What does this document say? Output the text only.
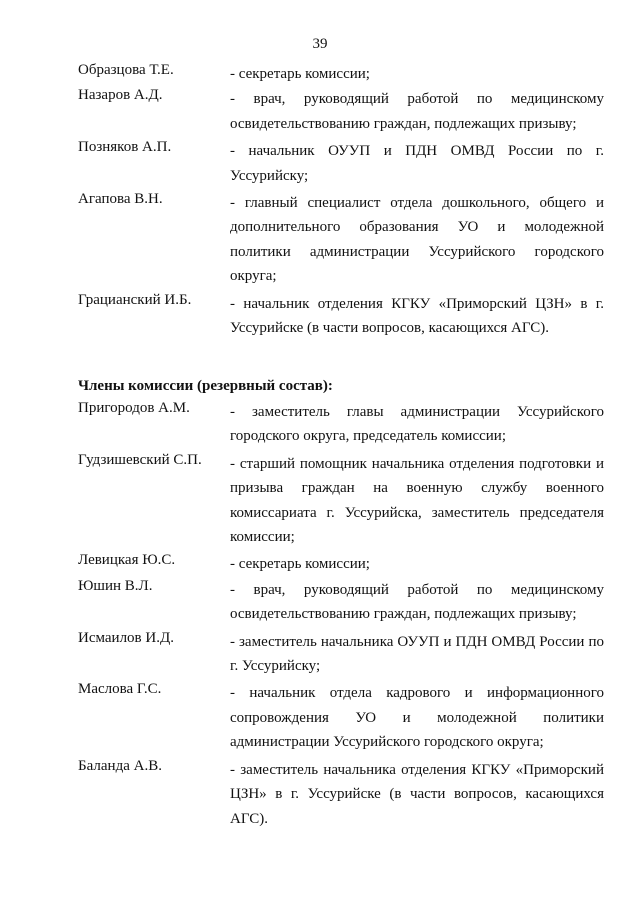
39
Образцова Т.Е.	- секретарь комиссии;
Назаров А.Д.	- врач, руководящий работой по медицинскому освидетельствованию граждан, подлежащих призыву;
Позняков А.П.	- начальник ОУУП и ПДН ОМВД России по г. Уссурийску;
Агапова В.Н.	- главный специалист отдела дошкольного, общего и дополнительного образования УО и молодежной политики администрации Уссурийского городского округа;
Грацианский И.Б.	- начальник отделения КГКУ «Приморский ЦЗН» в г. Уссурийске (в части вопросов, касающихся АГС).
Члены комиссии (резервный состав):
Пригородов А.М.	- заместитель главы администрации Уссурийского городского округа, председатель комиссии;
Гудзишевский С.П. - старший помощник начальника отделения подготовки и призыва граждан на военную службу военного комиссариата г. Уссурийска, заместитель председателя комиссии;
Левицкая Ю.С.	- секретарь комиссии;
Юшин В.Л.	- врач, руководящий работой по медицинскому освидетельствованию граждан, подлежащих призыву;
Исмаилов И.Д.	- заместитель начальника ОУУП и ПДН ОМВД России по г. Уссурийску;
Маслова Г.С.	- начальник отдела кадрового и информационного сопровождения УО и молодежной политики администрации Уссурийского городского округа;
Баланда А.В.	- заместитель начальника отделения КГКУ «Приморский ЦЗН» в г. Уссурийске (в части вопросов, касающихся АГС).
